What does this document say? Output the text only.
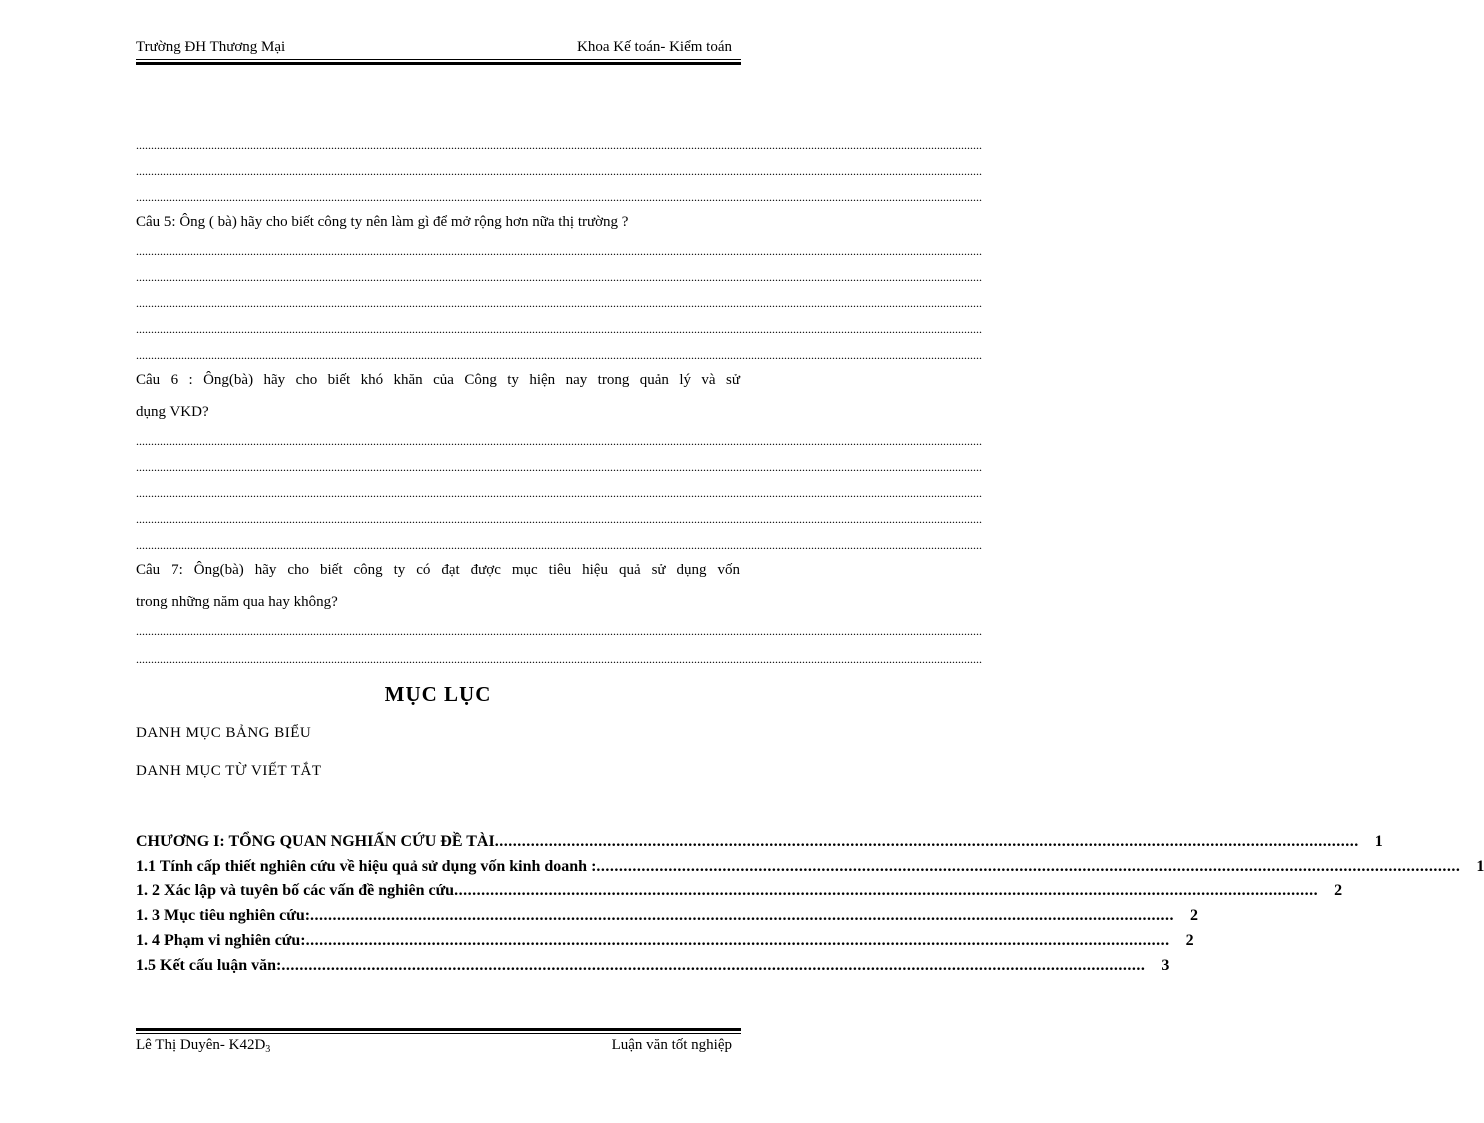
Trường ĐH Thương Mại	Khoa Kế toán- Kiểm toán
..........................................................................................................................................................................................................................................................................................
..........................................................................................................................................................................................................................................................................................
..........................................................................................................................................................................................................................................................................................
Câu 5: Ông ( bà) hãy cho biết công ty nên làm gì để mở rộng hơn nữa thị trường ?
..........................................................................................................................................................................................................................................................................................
..........................................................................................................................................................................................................................................................................................
..........................................................................................................................................................................................................................................................................................
..........................................................................................................................................................................................................................................................................................
..........................................................................................................................................................................................................................................................................................
Câu 6 : Ông(bà) hãy cho biết khó khăn của Công ty hiện nay trong quản lý và sử
dụng VKD?
..........................................................................................................................................................................................................................................................................................
..........................................................................................................................................................................................................................................................................................
..........................................................................................................................................................................................................................................................................................
..........................................................................................................................................................................................................................................................................................
..........................................................................................................................................................................................................................................................................................
Câu 7: Ông(bà) hãy cho biết công ty có đạt được mục tiêu hiệu quả sử dụng vốn
trong những năm qua hay không?
..........................................................................................................................................................................................................................................................................................
..........................................................................................................................................................................................................................................................................................
MỤC LỤC
DANH MỤC BẢNG BIỂU
DANH MỤC TỪ VIẾT TẮT
CHƯƠNG I: TỔNG QUAN NGHIẤN CỨU ĐỀ TÀI .....	1
1.1 Tính cấp thiết nghiên cứu về hiệu quả sử dụng vốn kinh doanh : .....	1
1. 2 Xác lập và tuyên bố các vấn đề nghiên cứu .....	2
1. 3 Mục tiêu nghiên cứu: .....	2
1. 4 Phạm vi nghiên cứu: .....	2
1.5 Kết cấu luận văn: .....	3
Lê Thị Duyên- $K42D_3$	Luận văn tốt nghiệp
